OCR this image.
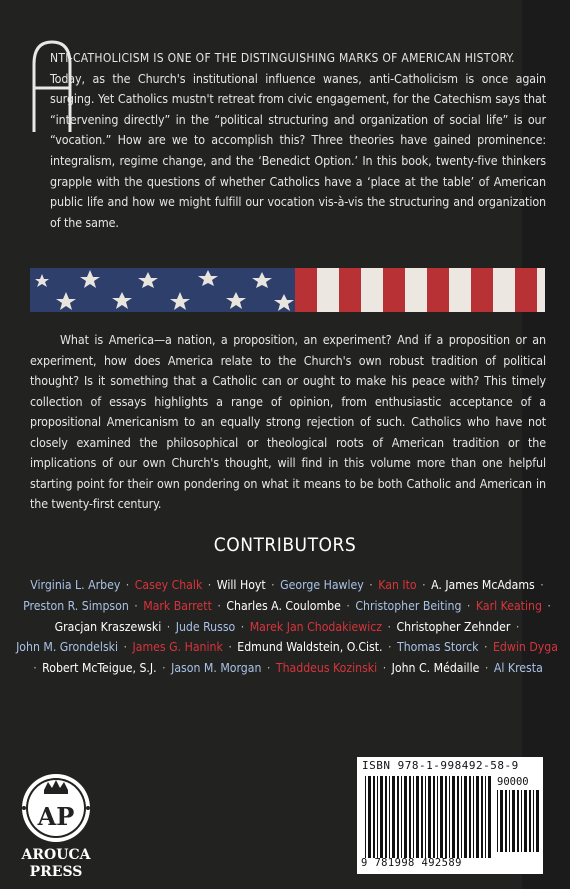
NTI-CATHOLICISM IS ONE OF THE DISTINGUISHING MARKS OF AMERICAN HISTORY.
Today, as the Church's institutional influence wanes, anti-Catholicism is once again surging. Yet Catholics mustn't retreat from civic engagement, for the Catechism says that “intervening directly” in the “political structuring and organization of social life” is our “vocation.” How are we to accomplish this? Three theories have gained prominence: integralism, regime change, and the ‘Benedict Option.’ In this book, twenty-five thinkers grapple with the questions of whether Catholics have a ‘place at the table’ of American public life and how we might fulfill our vocation vis-à-vis the structuring and organization of the same.
What is America—a nation, a proposition, an experiment? And if a proposition or an experiment, how does America relate to the Church's own robust tradition of political thought? Is it something that a Catholic can or ought to make his peace with? This timely collection of essays highlights a range of opinion, from enthusiastic acceptance of a propositional Americanism to an equally strong rejection of such. Catholics who have not closely examined the philosophical or theological roots of American tradition or the implications of our own Church's thought, will find in this volume more than one helpful starting point for their own pondering on what it means to be both Catholic and American in the twenty-first century.
CONTRIBUTORS
Virginia L. Arbey · Casey Chalk · Will Hoyt · George Hawley · Kan Ito · A. James McAdams · Preston R. Simpson · Mark Barrett · Charles A. Coulombe · Christopher Beiting · Karl Keating · Gracjan Kraszewski · Jude Russo · Marek Jan Chodakiewicz · Christopher Zehnder · John M. Grondelski · James G. Hanink · Edmund Waldstein, O.Cist. · Thomas Storck · Edwin Dyga · Robert McTeigue, S.J. · Jason M. Morgan · Thaddeus Kozinski · John C. Médaille · Al Kresta
AP
AROUCA
PRESS
ISBN 978-1-998492-58-9
90000
9 781998 492589
